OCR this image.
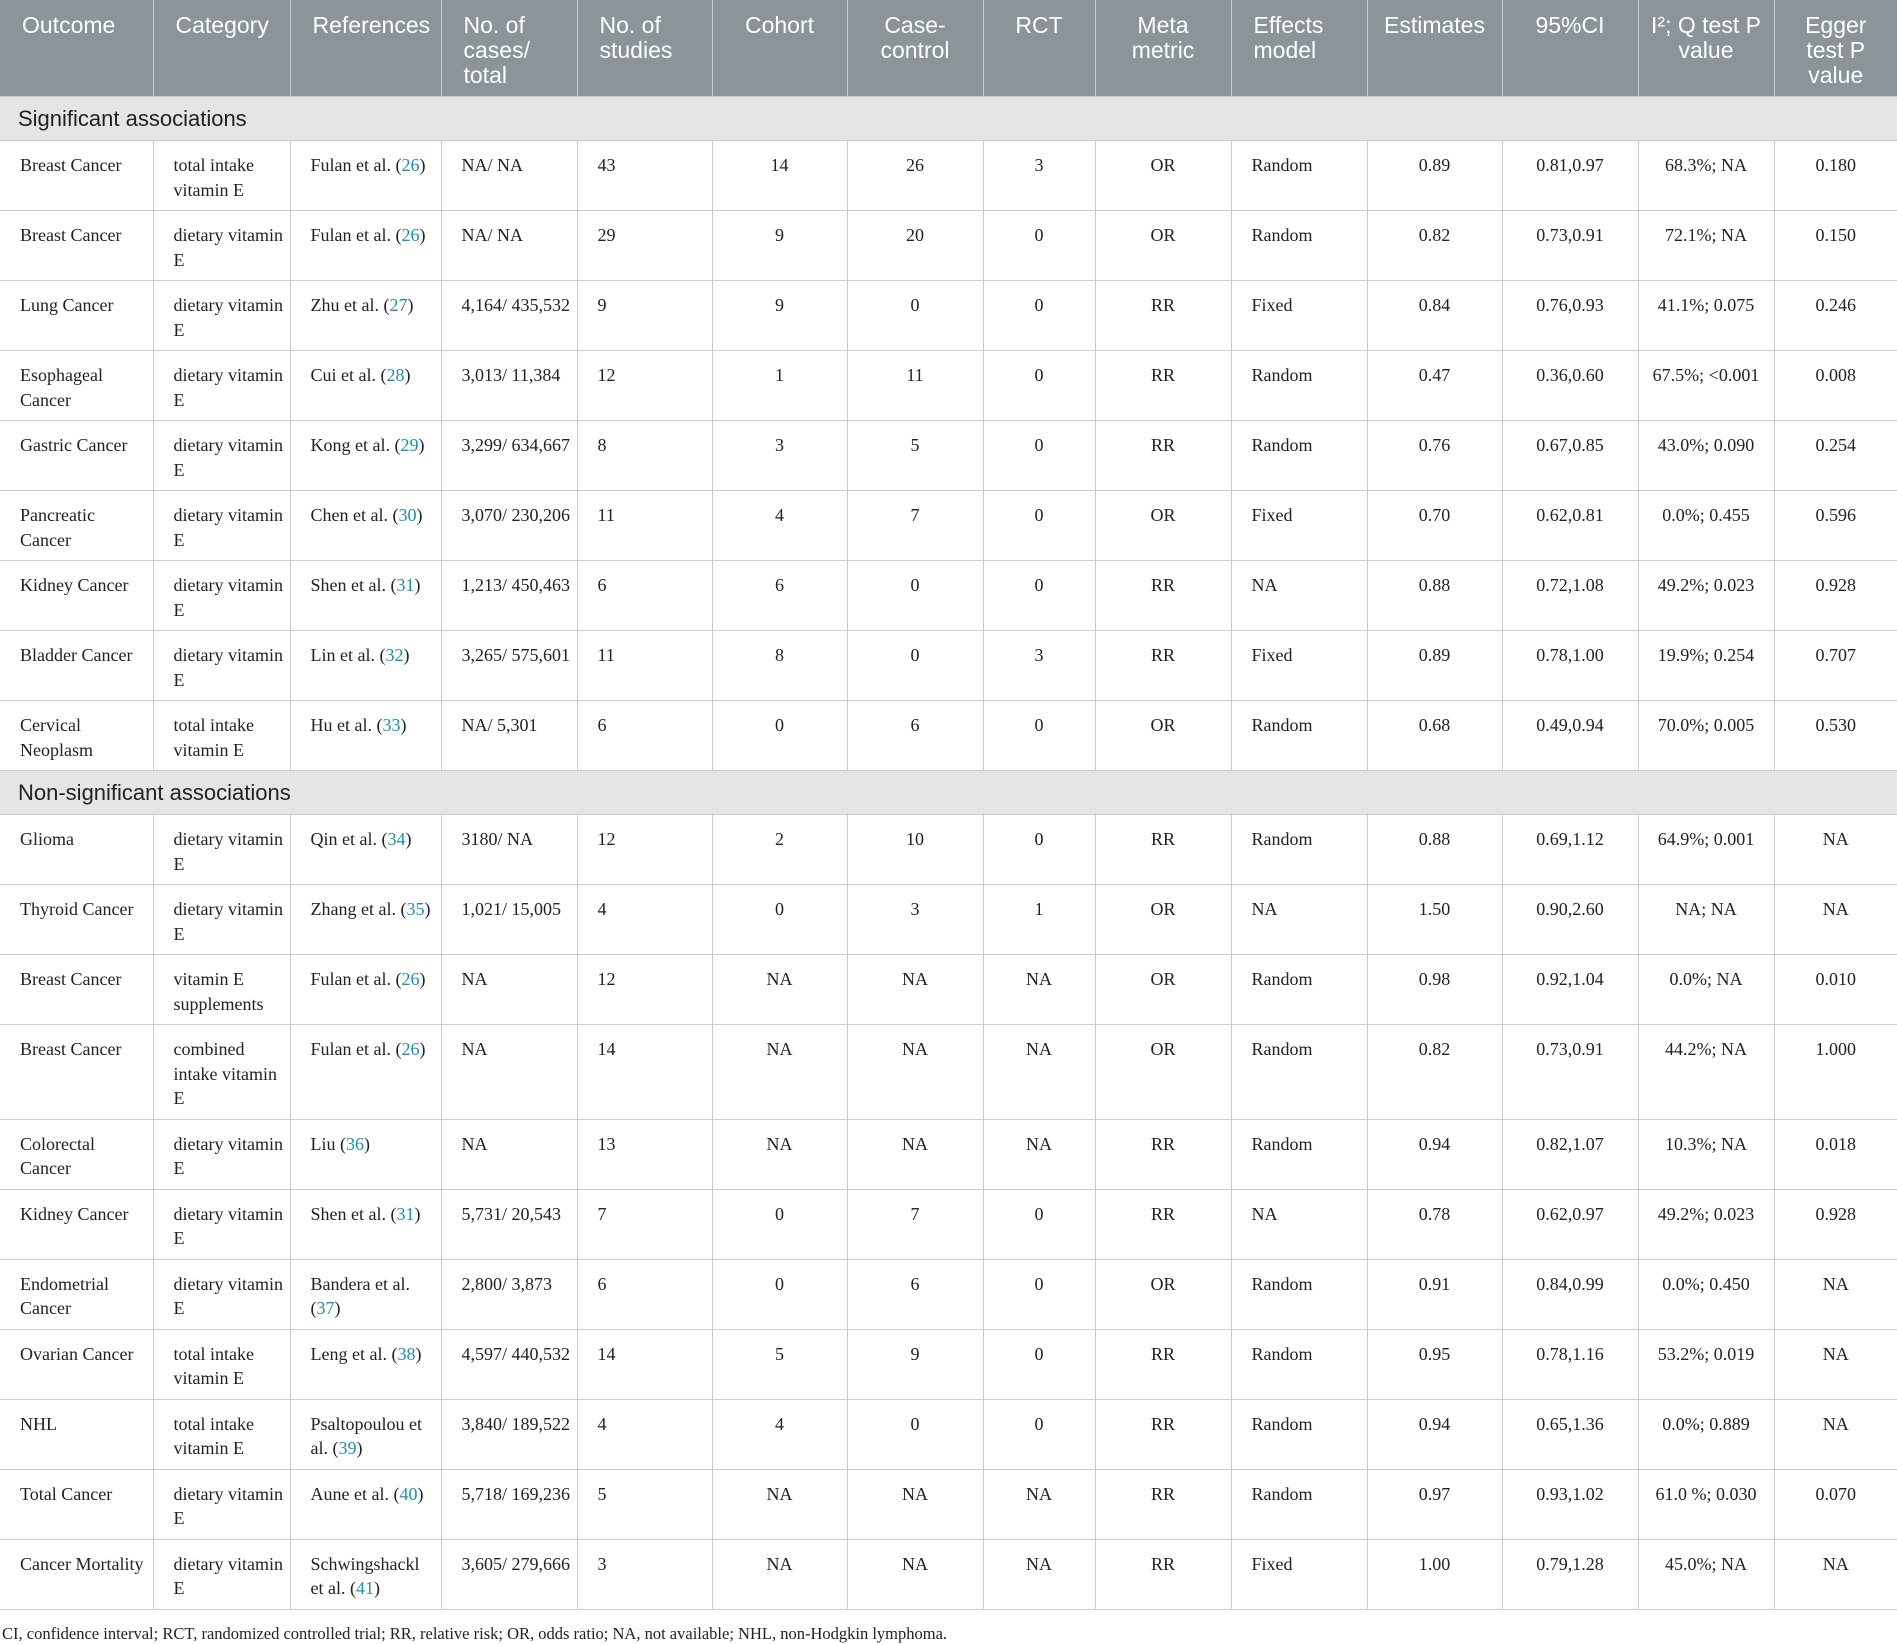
Outcome	Category	References	No. of cases/ total	No. of studies	Cohort	Case-control	RCT	Meta metric	Effects model	Estimates	95%CI	I²; Q test P value	Egger test P value
Significant associations													
Breast Cancer	total intake vitamin E	Fulan et al. (26)	NA/ NA	43	14	26	3	OR	Random	0.89	0.81,0.97	68.3%; NA	0.180
Breast Cancer	dietary vitamin E	Fulan et al. (26)	NA/ NA	29	9	20	0	OR	Random	0.82	0.73,0.91	72.1%; NA	0.150
Lung Cancer	dietary vitamin E	Zhu et al. (27)	4,164/ 435,532	9	9	0	0	RR	Fixed	0.84	0.76,0.93	41.1%; 0.075	0.246
Esophageal Cancer	dietary vitamin E	Cui et al. (28)	3,013/ 11,384	12	1	11	0	RR	Random	0.47	0.36,0.60	67.5%; <0.001	0.008
Gastric Cancer	dietary vitamin E	Kong et al. (29)	3,299/ 634,667	8	3	5	0	RR	Random	0.76	0.67,0.85	43.0%; 0.090	0.254
Pancreatic Cancer	dietary vitamin E	Chen et al. (30)	3,070/ 230,206	11	4	7	0	OR	Fixed	0.70	0.62,0.81	0.0%; 0.455	0.596
Kidney Cancer	dietary vitamin E	Shen et al. (31)	1,213/ 450,463	6	6	0	0	RR	NA	0.88	0.72,1.08	49.2%; 0.023	0.928
Bladder Cancer	dietary vitamin E	Lin et al. (32)	3,265/ 575,601	11	8	0	3	RR	Fixed	0.89	0.78,1.00	19.9%; 0.254	0.707
Cervical Neoplasm	total intake vitamin E	Hu et al. (33)	NA/ 5,301	6	0	6	0	OR	Random	0.68	0.49,0.94	70.0%; 0.005	0.530
Non-significant associations													
Glioma	dietary vitamin E	Qin et al. (34)	3180/ NA	12	2	10	0	RR	Random	0.88	0.69,1.12	64.9%; 0.001	NA
Thyroid Cancer	dietary vitamin E	Zhang et al. (35)	1,021/ 15,005	4	0	3	1	OR	NA	1.50	0.90,2.60	NA; NA	NA
Breast Cancer	vitamin E supplements	Fulan et al. (26)	NA	12	NA	NA	NA	OR	Random	0.98	0.92,1.04	0.0%; NA	0.010
Breast Cancer	combined intake vitamin E	Fulan et al. (26)	NA	14	NA	NA	NA	OR	Random	0.82	0.73,0.91	44.2%; NA	1.000
Colorectal Cancer	dietary vitamin E	Liu (36)	NA	13	NA	NA	NA	RR	Random	0.94	0.82,1.07	10.3%; NA	0.018
Kidney Cancer	dietary vitamin E	Shen et al. (31)	5,731/ 20,543	7	0	7	0	RR	NA	0.78	0.62,0.97	49.2%; 0.023	0.928
Endometrial Cancer	dietary vitamin E	Bandera et al. (37)	2,800/ 3,873	6	0	6	0	OR	Random	0.91	0.84,0.99	0.0%; 0.450	NA
Ovarian Cancer	total intake vitamin E	Leng et al. (38)	4,597/ 440,532	14	5	9	0	RR	Random	0.95	0.78,1.16	53.2%; 0.019	NA
NHL	total intake vitamin E	Psaltopoulou et al. (39)	3,840/ 189,522	4	4	0	0	RR	Random	0.94	0.65,1.36	0.0%; 0.889	NA
Total Cancer	dietary vitamin E	Aune et al. (40)	5,718/ 169,236	5	NA	NA	NA	RR	Random	0.97	0.93,1.02	61.0 %; 0.030	0.070
Cancer Mortality	dietary vitamin E	Schwingshackl et al. (41)	3,605/ 279,666	3	NA	NA	NA	RR	Fixed	1.00	0.79,1.28	45.0%; NA	NA
CI, confidence interval; RCT, randomized controlled trial; RR, relative risk; OR, odds ratio; NA, not available; NHL, non-Hodgkin lymphoma.
